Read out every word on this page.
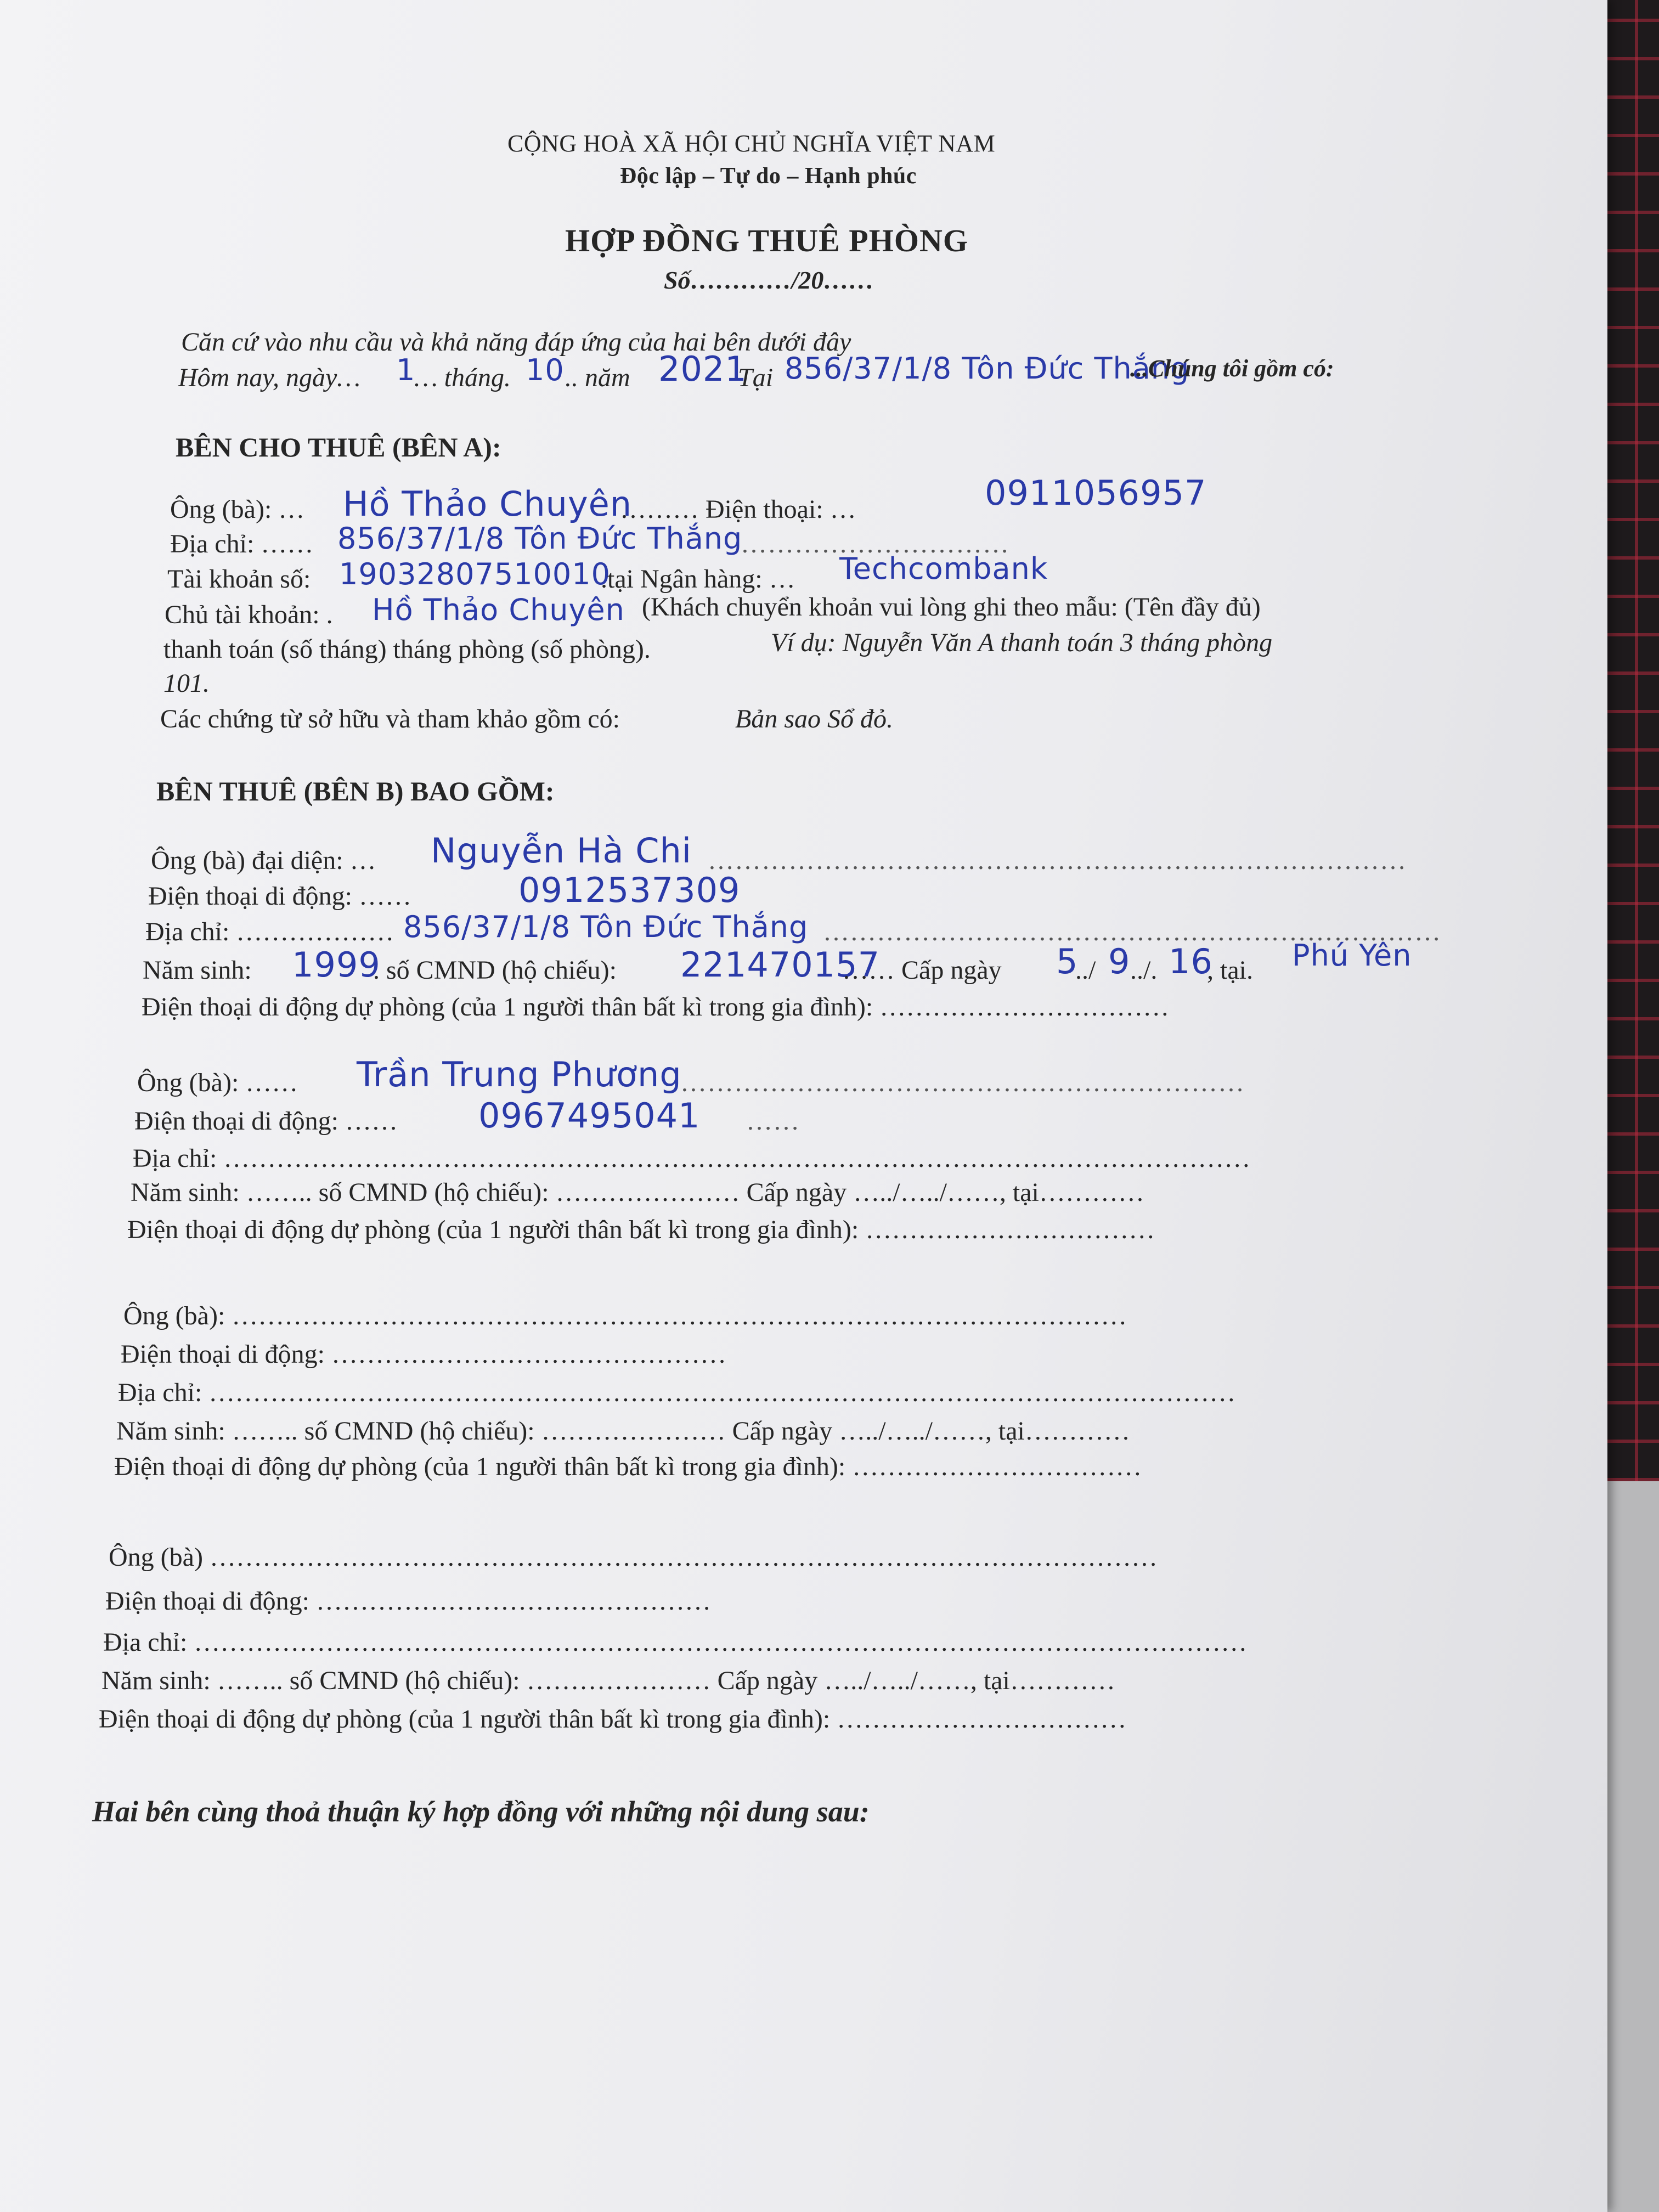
CỘNG HOÀ XÃ HỘI CHỦ NGHĨA VIỆT NAM
Độc lập – Tự do – Hạnh phúc
HỢP ĐỒNG THUÊ PHÒNG
Số…………/20……
Căn cứ vào nhu cầu và khả năng đáp ứng của hai bên dưới đây
Hôm nay, ngày… 1
… tháng. 10 .. năm 2021
Tại 856/37/1/8 Tôn Đức Thắng
...Chúng tôi gồm có:
BÊN CHO THUÊ (BÊN A):
Ông (bà): … Hồ Thảo Chuyên
……… Điện thoại: …	0911056957
Địa chỉ: …… 856/37/1/8 Tôn Đức Thắng
…………………………
Tài khoản số: 19032807510010
.tại Ngân hàng: … Techcombank
Chủ tài khoản: . Hồ Thảo Chuyên (Khách chuyển khoản vui lòng ghi theo mẫu: (Tên đầy đủ)
thanh toán (số tháng) tháng phòng (số phòng).	Ví dụ: Nguyễn Văn A thanh toán 3 tháng phòng
101.
Các chứng từ sở hữu và tham khảo gồm có:	Bản sao Sổ đỏ.
BÊN THUÊ (BÊN B) BAO GỒM:
Ông (bà) đại diện: … Nguyễn Hà Chi ……………………………………………………………………
Điện thoại di động: ……	0912537309
Địa chỉ: ……………… 856/37/1/8 Tôn Đức Thắng ……………………………………………………………
Năm sinh: 1999
. số CMND (hộ chiếu): 221470157
…… Cấp ngày 5
../ 9 ../. 16
, tại. Phú Yên
Điện thoại di động dự phòng (của 1 người thân bất kì trong gia đình): ……………………………
Ông (bà): …… Trần Trung Phương
………………………………………………………
Điện thoại di động: …… 0967495041 ……
Địa chỉ: ………………………………………………………………………………………………………
Năm sinh: …….. số CMND (hộ chiếu): ………………… Cấp ngày …../…../……, tại…………
Điện thoại di động dự phòng (của 1 người thân bất kì trong gia đình): ……………………………
Ông (bà): …………………………………………………………………………………………
Điện thoại di động: ………………………………………
Địa chỉ: ………………………………………………………………………………………………………
Năm sinh: …….. số CMND (hộ chiếu): ………………… Cấp ngày …../…../……, tại…………
Điện thoại di động dự phòng (của 1 người thân bất kì trong gia đình): ……………………………
Ông (bà) ………………………………………………………………………………………………
Điện thoại di động: ………………………………………
Địa chỉ: …………………………………………………………………………………………………………
Năm sinh: …….. số CMND (hộ chiếu): ………………… Cấp ngày …../…../……, tại…………
Điện thoại di động dự phòng (của 1 người thân bất kì trong gia đình): ……………………………
Hai bên cùng thoả thuận ký hợp đồng với những nội dung sau:
